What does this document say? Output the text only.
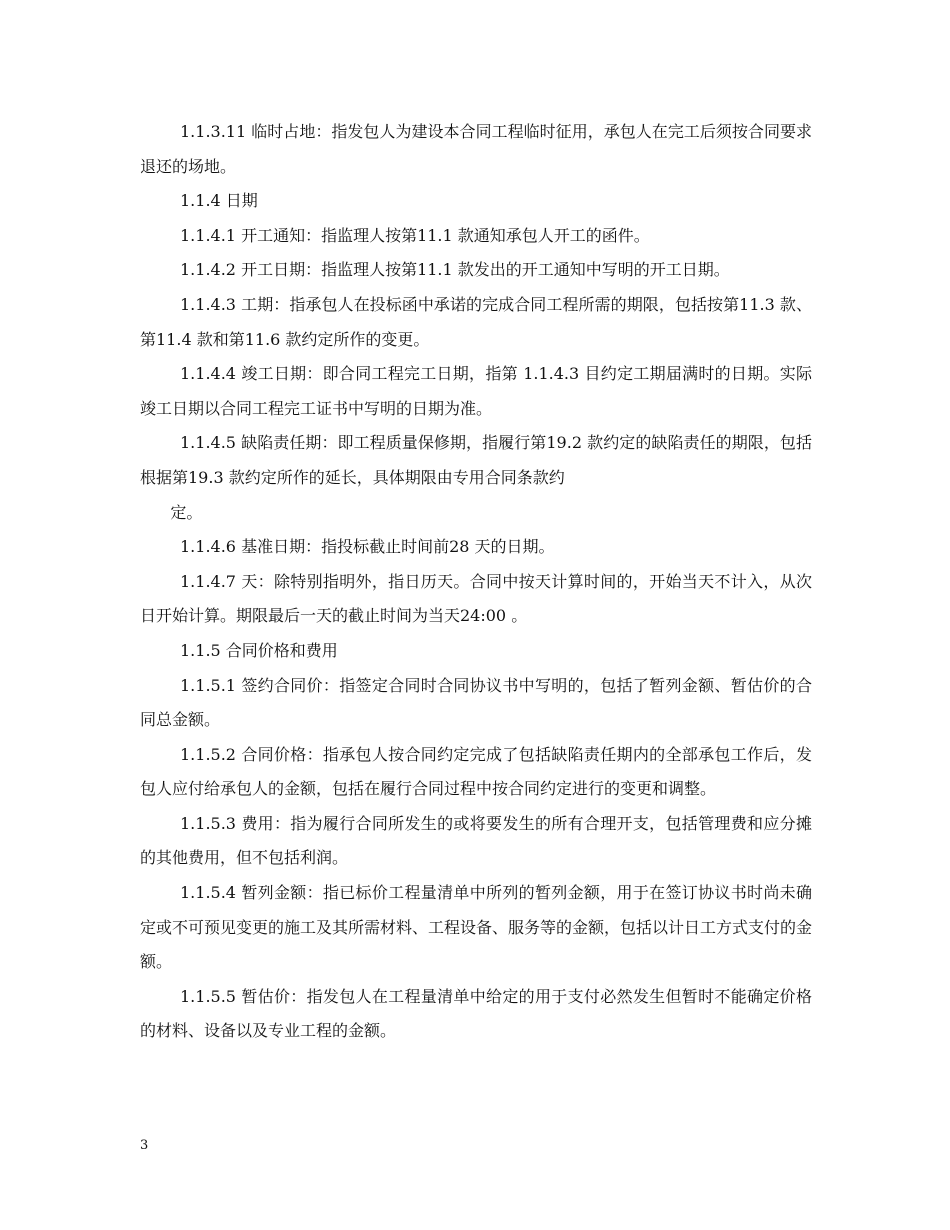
1.1.3.11 临时占地：指发包人为建设本合同工程临时征用，承包人在完工后须按合同要求退还的场地。

1.1.4 日期

1.1.4.1 开工通知：指监理人按第11.1 款通知承包人开工的函件。

1.1.4.2 开工日期：指监理人按第11.1 款发出的开工通知中写明的开工日期。

1.1.4.3 工期：指承包人在投标函中承诺的完成合同工程所需的期限，包括按第11.3 款、第11.4 款和第11.6 款约定所作的变更。

1.1.4.4 竣工日期：即合同工程完工日期，指第 1.1.4.3 目约定工期届满时的日期。实际竣工日期以合同工程完工证书中写明的日期为准。

1.1.4.5 缺陷责任期：即工程质量保修期，指履行第19.2 款约定的缺陷责任的期限，包括根据第19.3 款约定所作的延长，具体期限由专用合同条款约

定。

1.1.4.6 基准日期：指投标截止时间前28 天的日期。

1.1.4.7 天：除特别指明外，指日历天。合同中按天计算时间的，开始当天不计入，从次日开始计算。期限最后一天的截止时间为当天24:00 。

1.1.5 合同价格和费用

1.1.5.1 签约合同价：指签定合同时合同协议书中写明的，包括了暂列金额、暂估价的合同总金额。

1.1.5.2 合同价格：指承包人按合同约定完成了包括缺陷责任期内的全部承包工作后，发包人应付给承包人的金额，包括在履行合同过程中按合同约定进行的变更和调整。

1.1.5.3 费用：指为履行合同所发生的或将要发生的所有合理开支，包括管理费和应分摊的其他费用，但不包括利润。

1.1.5.4 暂列金额：指已标价工程量清单中所列的暂列金额，用于在签订协议书时尚未确定或不可预见变更的施工及其所需材料、工程设备、服务等的金额，包括以计日工方式支付的金额。

1.1.5.5 暂估价：指发包人在工程量清单中给定的用于支付必然发生但暂时不能确定价格的材料、设备以及专业工程的金额。

3
